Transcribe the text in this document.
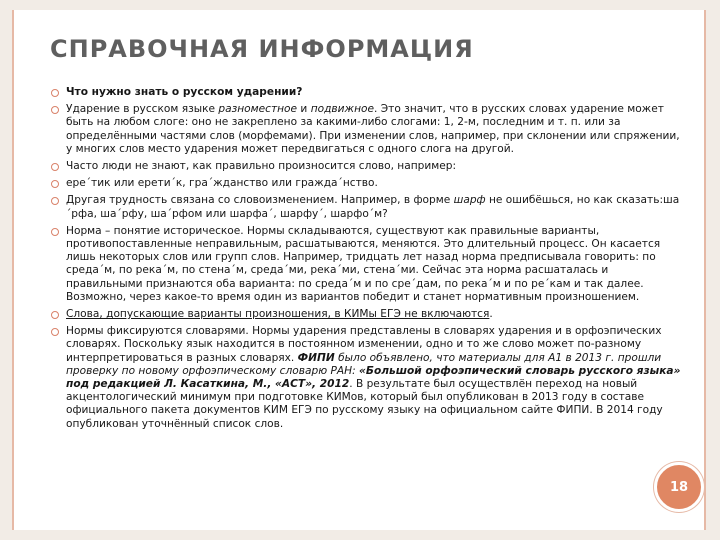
СПРАВОЧНАЯ ИНФОРМАЦИЯ
Что нужно знать о русском ударении?
Ударение в русском языке разноместное и подвижное. Это значит, что в русских словах ударение может быть на любом слоге: оно не закреплено за какими-либо слогами: 1, 2-м, последним и т. п. или за определёнными частями слов (морфемами). При изменении слов, например, при склонении или спряжении, у многих слов место ударения может передвигаться с одного слога на другой.
Часто люди не знают, как правильно произносится слово, например:
ере´тик или ерети´к, гра´жданство или гражда´нство.
Другая трудность связана со словоизменением. Например, в форме шарф не ошибёшься, но как сказать:ша´рфа, ша´рфу, ша´рфом или шарфа´, шарфу´, шарфо´м?
Норма – понятие историческое. Нормы складываются, существуют как правильные варианты, противопоставленные неправильным, расшатываются, меняются. Это длительный процесс. Он касается лишь некоторых слов или групп слов. Например, тридцать лет назад норма предписывала говорить: по среда´м, по река´м, по стена´м, среда´ми, река´ми, стена´ми. Сейчас эта норма расшаталась и правильными признаются оба варианта: по среда´м и по сре´дам, по река´м и по ре´кам и так далее. Возможно, через какое-то время один из вариантов победит и станет нормативным произношением.
Слова, допускающие варианты произношения, в КИМы ЕГЭ не включаются.
Нормы фиксируются словарями. Нормы ударения представлены в словарях ударения и в орфоэпических словарях. Поскольку язык находится в постоянном изменении, одно и то же слово может по-разному интерпретироваться в разных словарях. ФИПИ было объявлено, что материалы для А1 в 2013 г. прошли проверку по новому орфоэпическому словарю РАН: «Большой орфоэпический словарь русского языка» под редакцией Л. Касаткина, М., «АСТ», 2012. В результате был осуществлён переход на новый акцентологический минимум при подготовке КИМов, который был опубликован в 2013 году в составе официального пакета документов КИМ ЕГЭ по русскому языку на официальном сайте ФИПИ. В 2014 году опубликован уточнённый список слов.
18
